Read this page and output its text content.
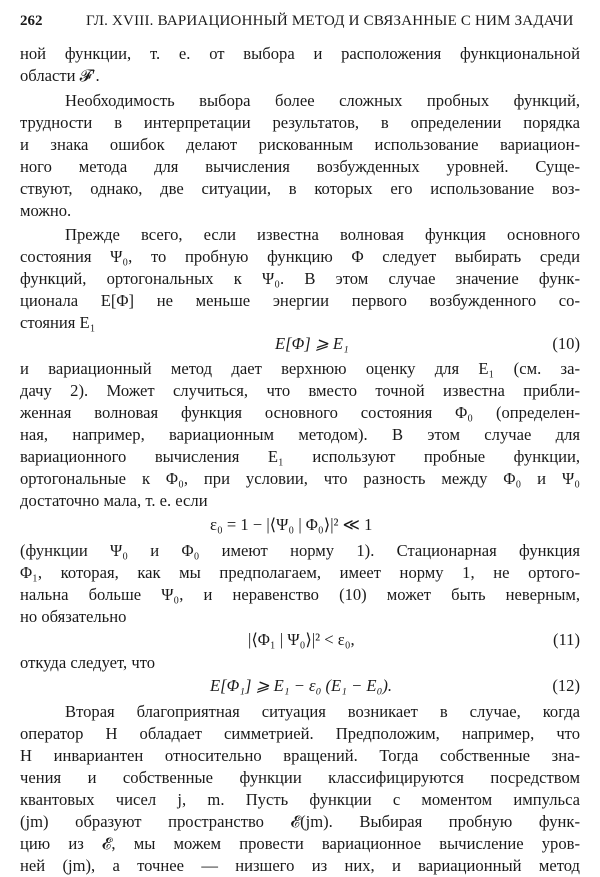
262	ГЛ. XVIII. ВАРИАЦИОННЫЙ МЕТОД И СВЯЗАННЫЕ С НИМ ЗАДАЧИ
ной функции, т. е. от выбора и расположения функциональной
области 𝓕′.
Необходимость выбора более сложных пробных функций,
трудности в интерпретации результатов, в определении порядка
и знака ошибок делают рискованным использование вариацион-
ного метода для вычисления возбужденных уровней. Суще-
ствуют, однако, две ситуации, в которых его использование воз-
можно.
Прежде всего, если известна волновая функция основного
состояния Ψ₀, то пробную функцию Φ следует выбирать среди
функций, ортогональных к Ψ₀. В этом случае значение функ-
ционала E[Φ] не меньше энергии первого возбужденного со-
стояния E₁
E[Φ] ⩾ E₁	(10)
и вариационный метод дает верхнюю оценку для E₁ (см. за-
дачу 2). Может случиться, что вместо точной известна прибли-
женная волновая функция основного состояния Φ₀ (определен-
ная, например, вариационным методом). В этом случае для
вариационного вычисления E₁ используют пробные функции,
ортогональные к Φ₀, при условии, что разность между Φ₀ и Ψ₀
достаточно мала, т. е. если
ε₀ = 1 − |⟨Ψ₀ | Φ₀⟩|² ≪ 1
(функции Ψ₀ и Φ₀ имеют норму 1). Стационарная функция
Φ₁, которая, как мы предполагаем, имеет норму 1, не ортого-
нальна больше Ψ₀, и неравенство (10) может быть неверным,
но обязательно
|⟨Φ₁ | Ψ₀⟩|² < ε₀,	(11)
откуда следует, что
E[Φ₁] ⩾ E₁ − ε₀ (E₁ − E₀).	(12)
Вторая благоприятная ситуация возникает в случае, когда
оператор H обладает симметрией. Предположим, например, что
H инвариантен относительно вращений. Тогда собственные зна-
чения и собственные функции классифицируются посредством
квантовых чисел j, m. Пусть функции с моментом импульса
(jm) образуют пространство 𝓔(jm). Выбирая пробную функ-
цию из 𝓔, мы можем провести вариационное вычисление уров-
ней (jm), а точнее — низшего из них, и вариационный метод
